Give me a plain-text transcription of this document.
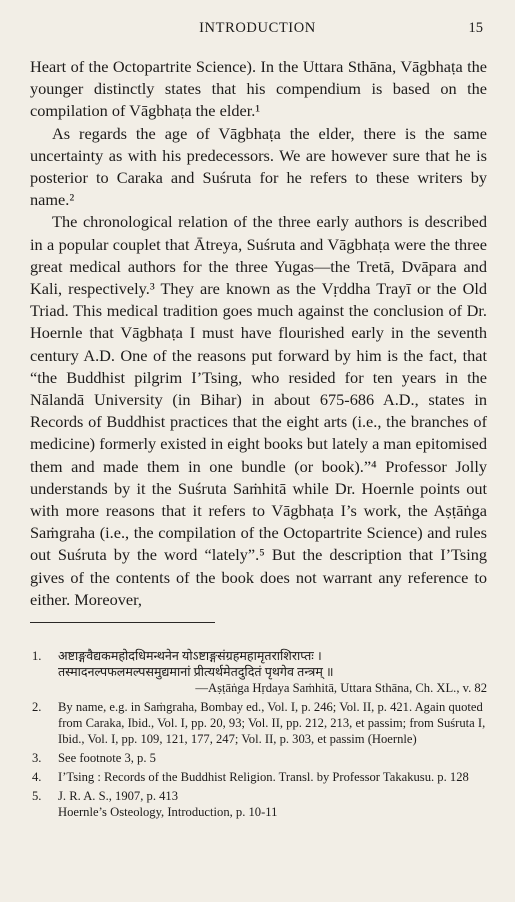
INTRODUCTION	15

Heart of the Octopartrite Science). In the Uttara Sthāna, Vāgbhaṭa the younger distinctly states that his compendium is based on the compilation of Vāgbhaṭa the elder.¹

As regards the age of Vāgbhaṭa the elder, there is the same uncertainty as with his predecessors. We are however sure that he is posterior to Caraka and Suśruta for he refers to these writers by name.²

The chronological relation of the three early authors is described in a popular couplet that Ātreya, Suśruta and Vāgbhaṭa were the three great medical authors for the three Yugas—the Tretā, Dvāpara and Kali, respectively.³ They are known as the Vṛddha Trayī or the Old Triad. This medical tradition goes much against the conclusion of Dr. Hoernle that Vāgbhaṭa I must have flourished early in the seventh century A.D. One of the reasons put forward by him is the fact, that “the Buddhist pilgrim I’Tsing, who resided for ten years in the Nālandā University (in Bihar) in about 675-686 A.D., states in Records of Buddhist practices that the eight arts (i.e., the branches of medicine) formerly existed in eight books but lately a man epitomised them and made them in one bundle (or book).”⁴ Professor Jolly understands by it the Suśruta Saṁhitā while Dr. Hoernle points out with more reasons that it refers to Vāgbhaṭa I’s work, the Aṣṭāṅga Saṁgraha (i.e., the compilation of the Octopartrite Science) and rules out Suśruta by the word “lately”.⁵ But the description that I’Tsing gives of the contents of the book does not warrant any reference to either. Moreover,

1.	अष्टाङ्गवैद्यकमहोदधिमन्थनेन योऽष्टाङ्गसंग्रहमहामृतराशिराप्तः ।
तस्मादनल्पफलमल्पसमुद्यमानां प्रीत्यर्थमेतदुदितं पृथगेव तन्त्रम् ॥
—Aṣṭāṅga Hṛdaya Saṁhitā, Uttara Sthāna, Ch. XL., v. 82
2.	By name, e.g. in Saṁgraha, Bombay ed., Vol. I, p. 246; Vol. II, p. 421. Again quoted from Caraka, Ibid., Vol. I, pp. 20, 93; Vol. II, pp. 212, 213, et passim; from Suśruta I, Ibid., Vol. I, pp. 109, 121, 177, 247; Vol. II, p. 303, et passim (Hoernle)
3.	See footnote 3, p. 5
4.	I’Tsing : Records of the Buddhist Religion. Transl. by Professor Takakusu. p. 128
5.	J. R. A. S., 1907, p. 413
Hoernle’s Osteology, Introduction, p. 10-11
